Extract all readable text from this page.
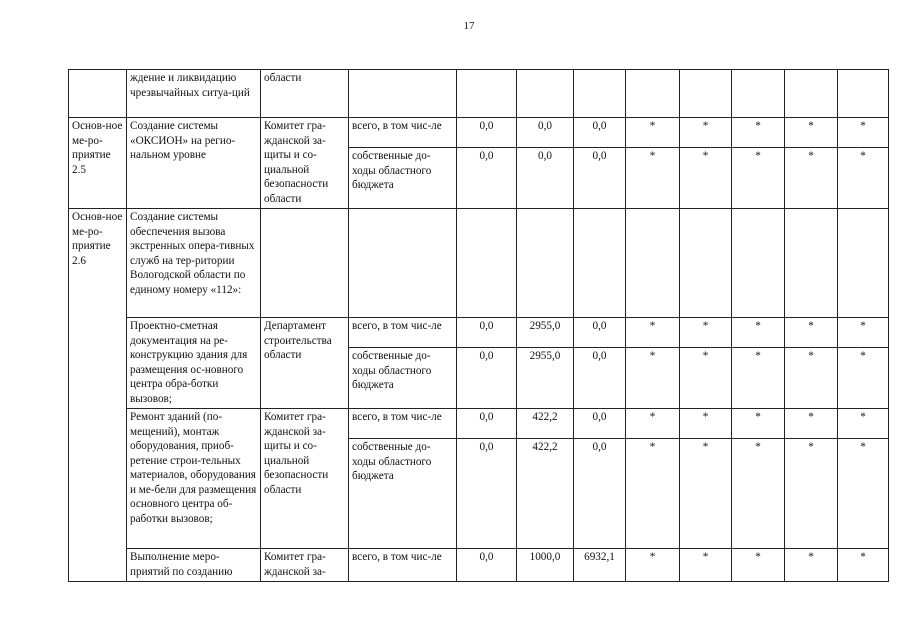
17
	ждение и ликвидацию чрезвычайных ситуа-ций	области									
Основ-ное ме-ро-приятие 2.5	Создание системы «ОКСИОН» на регио-нальном уровне	Комитет гра-жданской за-щиты и со-циальной безопасности области	всего, в том чис-ле	0,0	0,0	0,0	*	*	*	*	*
			собственные до-ходы областного бюджета	0,0	0,0	0,0	*	*	*	*	*
Основ-ное ме-ро-приятие 2.6	Создание системы обеспечения вызова экстренных опера-тивных служб на тер-ритории Вологодской области по единому номеру «112»:										
	Проектно-сметная документация на ре-конструкцию здания для размещения ос-новного центра обра-ботки вызовов;	Департамент строительства области	всего, в том чис-ле	0,0	2955,0	0,0	*	*	*	*	*
			собственные до-ходы областного бюджета	0,0	2955,0	0,0	*	*	*	*	*
	Ремонт зданий (по-мещений), монтаж оборудования, приоб-ретение строи-тельных материалов, оборудования и ме-бели для размещения основного центра об-работки вызовов;	Комитет гра-жданской за-щиты и со-циальной безопасности области	всего, в том чис-ле	0,0	422,2	0,0	*	*	*	*	*
			собственные до-ходы областного бюджета	0,0	422,2	0,0	*	*	*	*	*
	Выполнение меро-приятий по созданию	Комитет гра-жданской за-	всего, в том чис-ле	0,0	1000,0	6932,1	*	*	*	*	*
